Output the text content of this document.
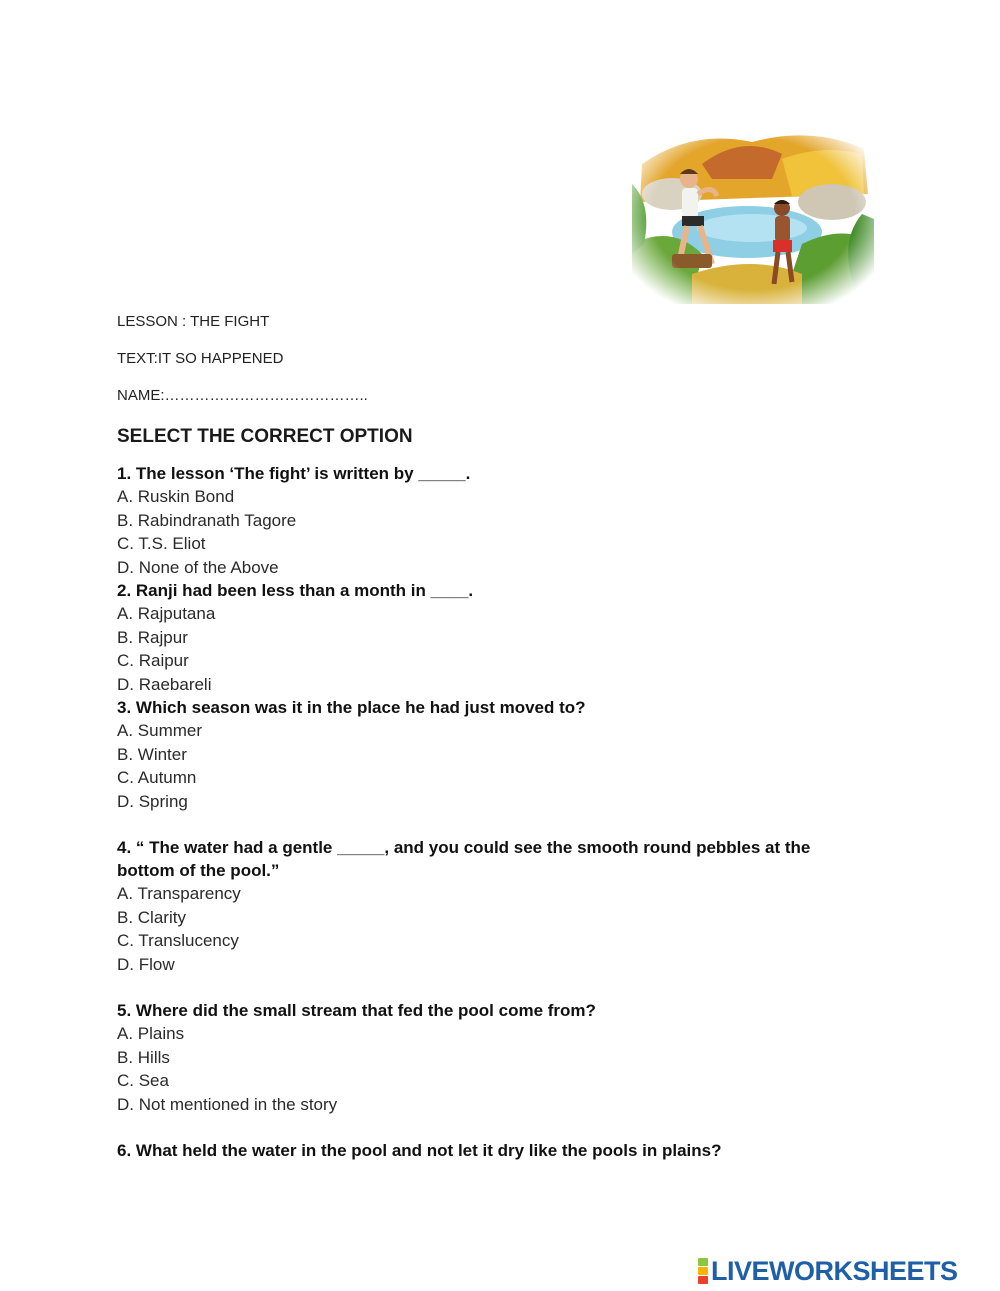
LESSON : THE FIGHT

TEXT:IT SO HAPPENED

NAME:…………………………………..

SELECT THE CORRECT OPTION

1. The lesson ‘The fight’ is written by _____.

A. Ruskin Bond

B. Rabindranath Tagore

C. T.S. Eliot

D. None of the Above

2. Ranji had been less than a month in ____.

A. Rajputana

B. Rajpur

C. Raipur

D. Raebareli

3. Which season was it in the place he had just moved to?

A. Summer

B. Winter

C. Autumn

D. Spring

4. “ The water had a gentle _____, and you could see the smooth round pebbles at the

bottom of the pool.”

A. Transparency

B. Clarity

C. Translucency

D. Flow

5. Where did the small stream that fed the pool come from?

A. Plains

B. Hills

C. Sea

D. Not mentioned in the story

6. What held the water in the pool and not let it dry like the pools in plains?

LIVEWORKSHEETS
